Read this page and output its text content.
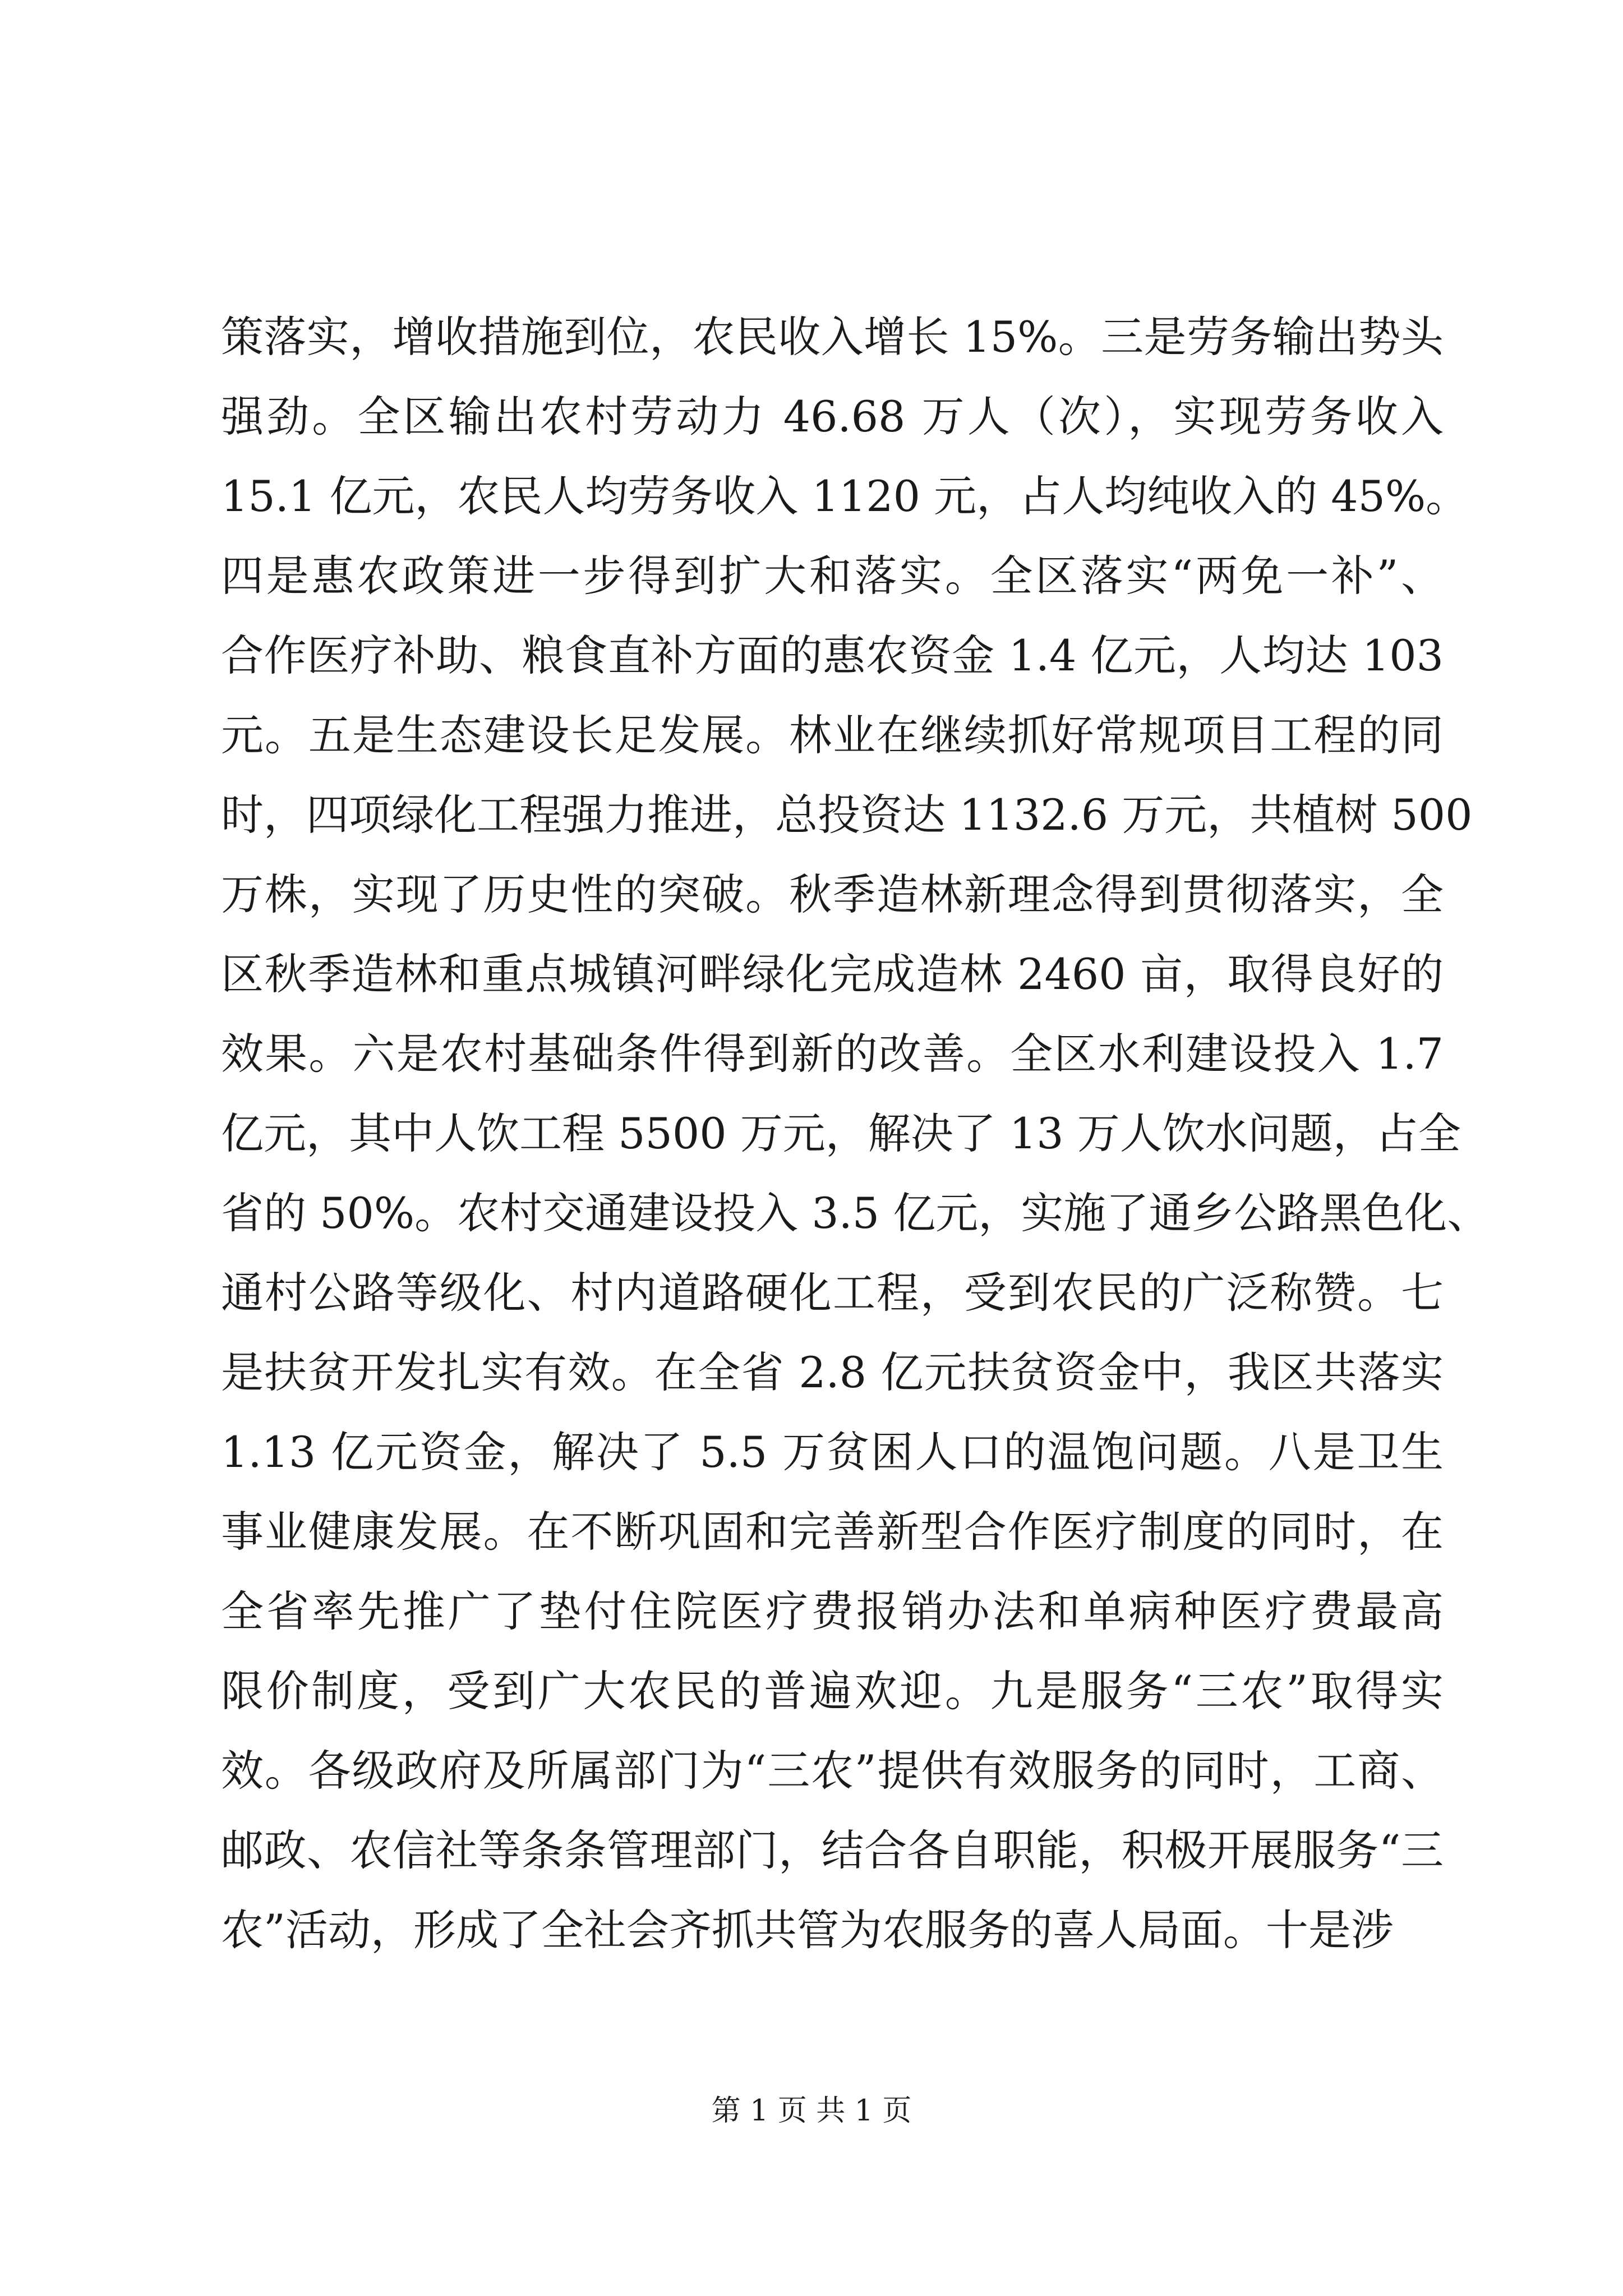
策落实，增收措施到位，农民收入增长 15%。三是劳务输出势头
强劲。全区输出农村劳动力 46.68 万人（次），实现劳务收入
15.1 亿元，农民人均劳务收入 1120 元，占人均纯收入的 45%。
四是惠农政策进一步得到扩大和落实。全区落实“两免一补”、
合作医疗补助、粮食直补方面的惠农资金 1.4 亿元，人均达 103
元。五是生态建设长足发展。林业在继续抓好常规项目工程的同
时，四项绿化工程强力推进，总投资达 1132.6 万元，共植树 500
万株，实现了历史性的突破。秋季造林新理念得到贯彻落实，全
区秋季造林和重点城镇河畔绿化完成造林 2460 亩，取得良好的
效果。六是农村基础条件得到新的改善。全区水利建设投入 1.7
亿元，其中人饮工程 5500 万元，解决了 13 万人饮水问题，占全
省的 50%。农村交通建设投入 3.5 亿元，实施了通乡公路黑色化、
通村公路等级化、村内道路硬化工程，受到农民的广泛称赞。七
是扶贫开发扎实有效。在全省 2.8 亿元扶贫资金中，我区共落实
1.13 亿元资金，解决了 5.5 万贫困人口的温饱问题。八是卫生
事业健康发展。在不断巩固和完善新型合作医疗制度的同时，在
全省率先推广了垫付住院医疗费报销办法和单病种医疗费最高
限价制度，受到广大农民的普遍欢迎。九是服务“三农”取得实
效。各级政府及所属部门为“三农”提供有效服务的同时，工商、
邮政、农信社等条条管理部门，结合各自职能，积极开展服务“三
农”活动，形成了全社会齐抓共管为农服务的喜人局面。十是涉
第 1 页 共 1 页
